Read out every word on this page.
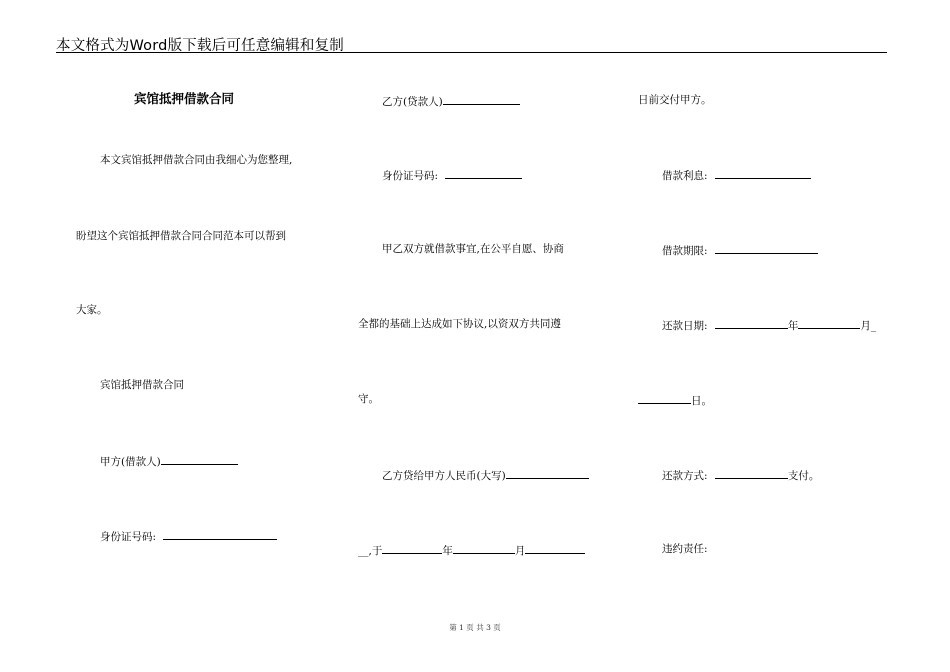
本文格式为Word版下载后可任意编辑和复制
宾馆抵押借款合同
本文宾馆抵押借款合同由我细心为您整理,
盼望这个宾馆抵押借款合同合同范本可以帮到
大家。
宾馆抵押借款合同
甲方(借款人)
身份证号码:
乙方(贷款人)
身份证号码:
甲乙双方就借款事宜,在公平自愿、协商
全都的基础上达成如下协议,以资双方共同遵
守。
乙方贷给甲方人民币(大写)
__,于	年	月
日前交付甲方。
借款利息:
借款期限:
还款日期:	年	月_
日。
还款方式:	支付。
违约责任:
第 1 页 共 3 页
